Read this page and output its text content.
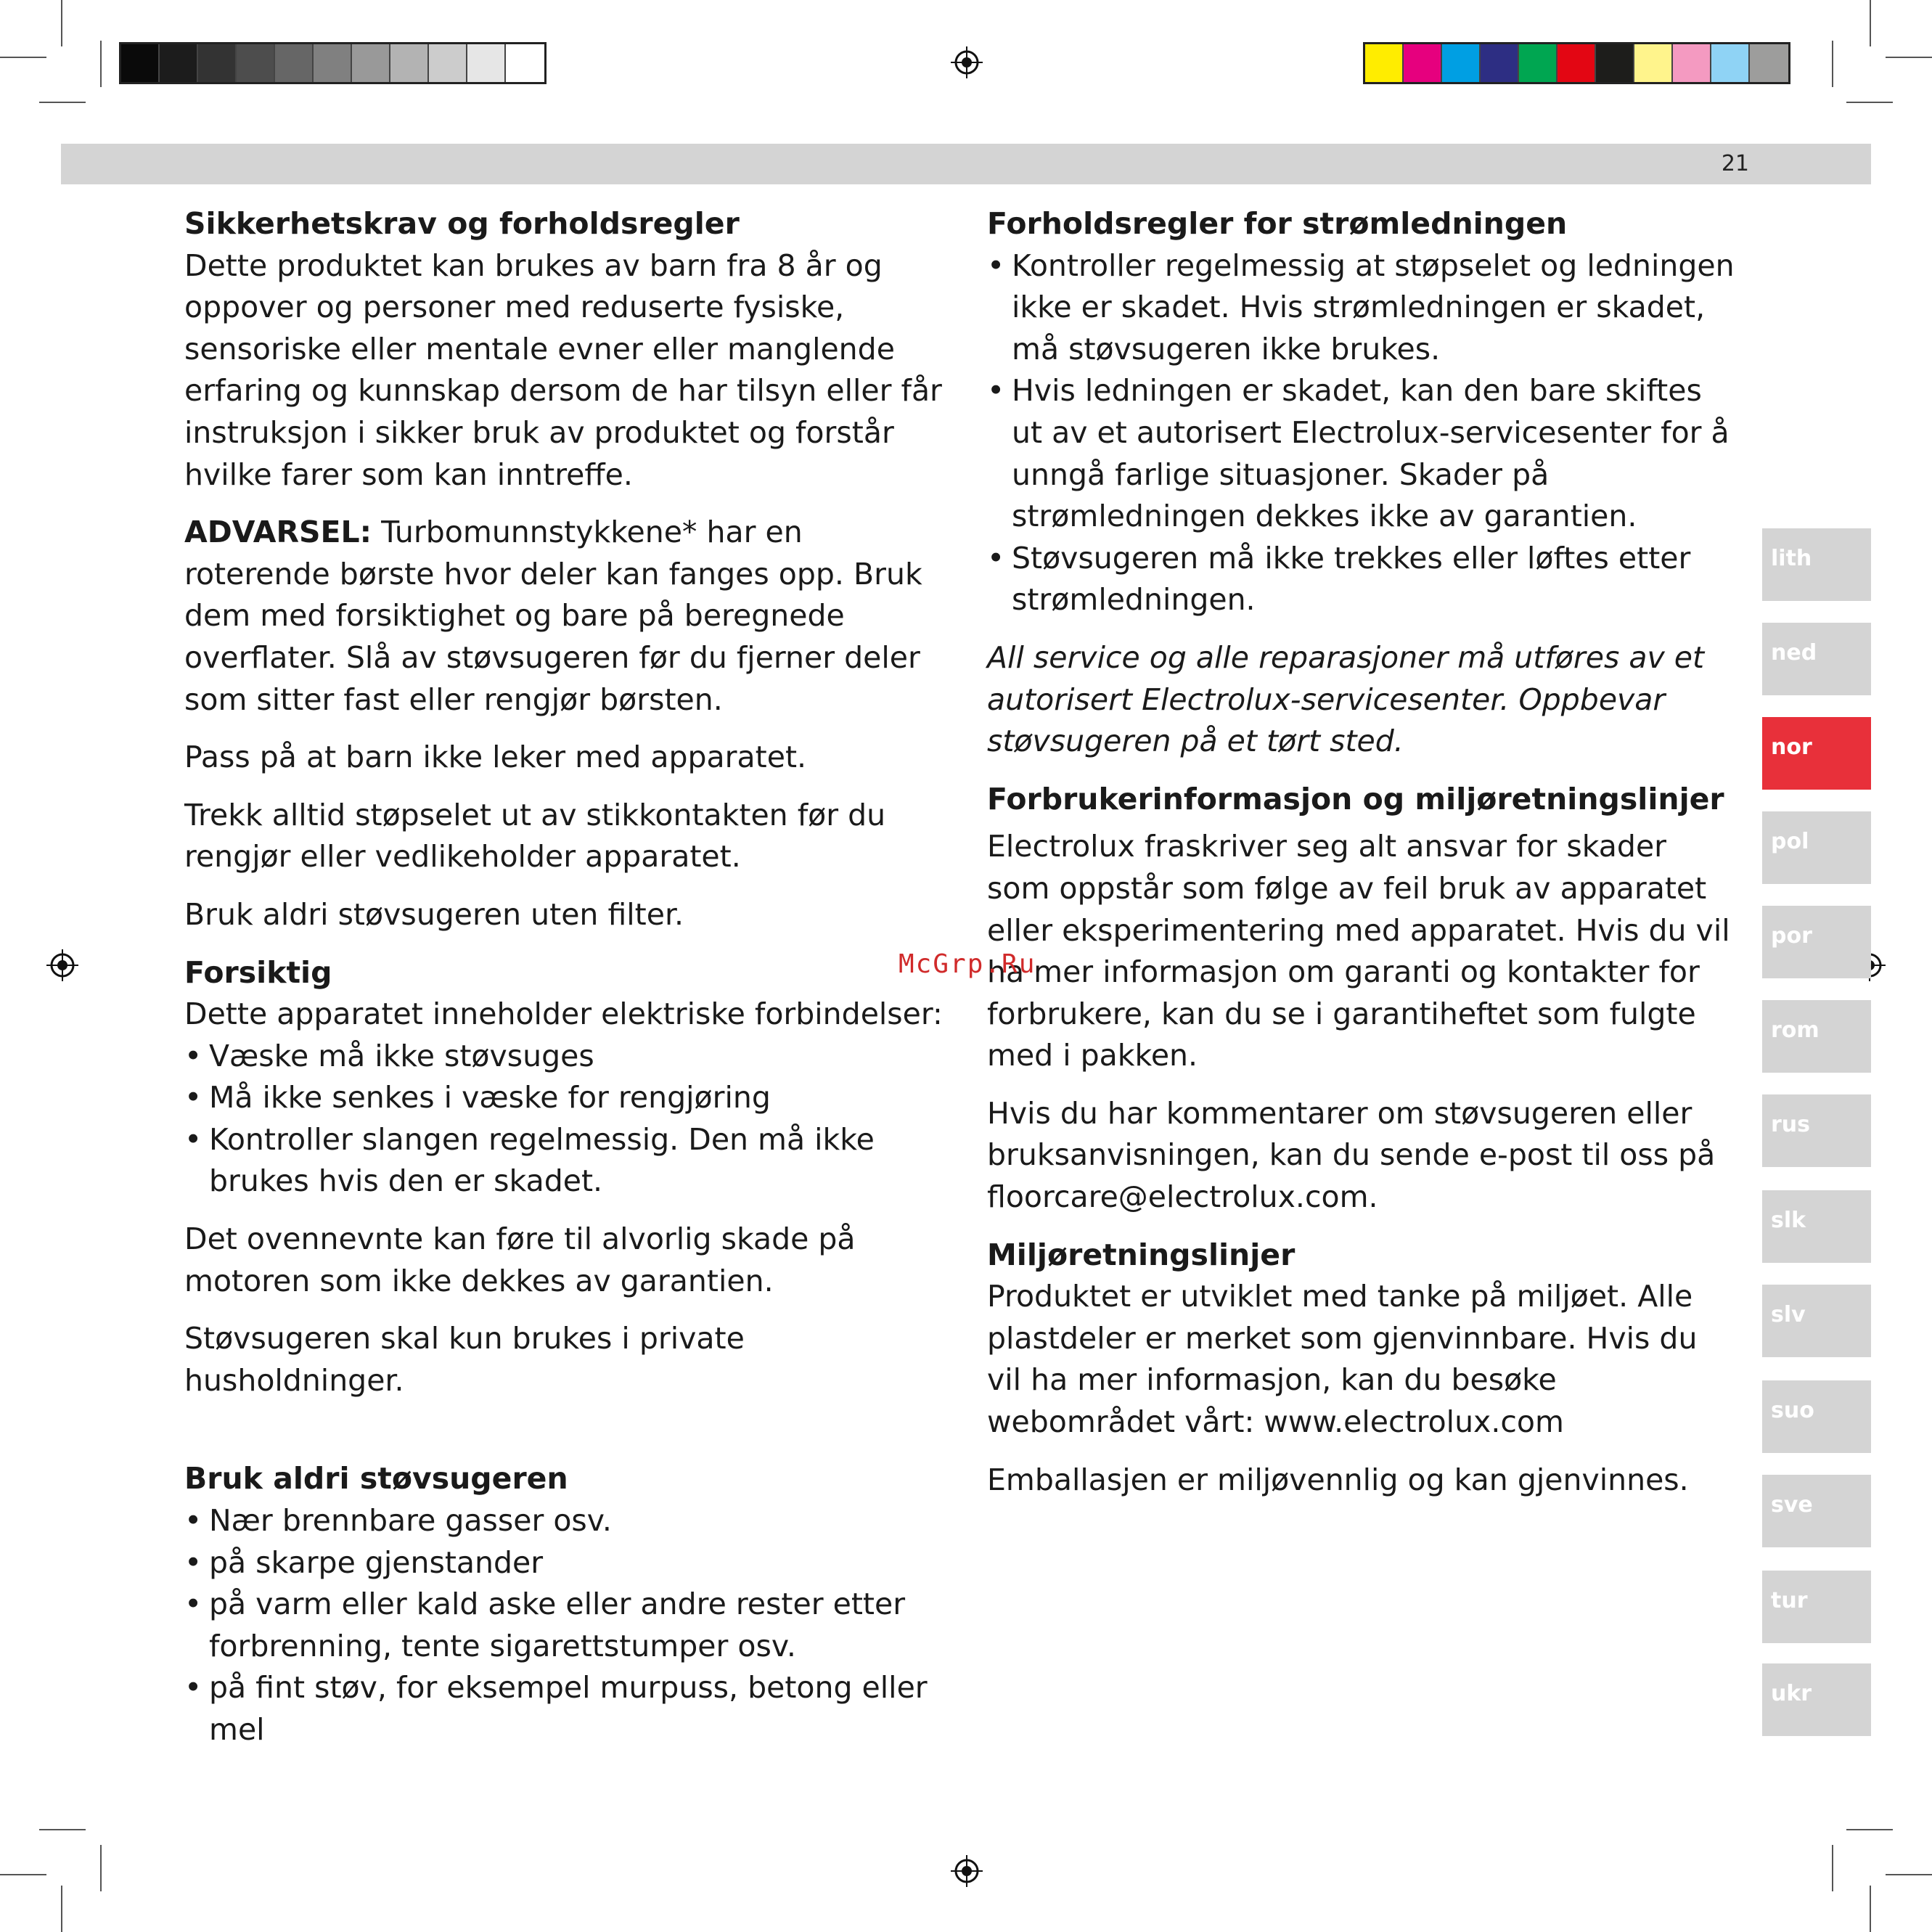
21
Sikkerhetskrav og forholdsregler

Dette produktet kan brukes av barn fra 8 år og oppover og personer med reduserte fysiske, sensoriske eller mentale evner eller manglende erfaring og kunnskap dersom de har tilsyn eller får instruksjon i sikker bruk av produktet og forstår hvilke farer som kan inntreffe.

ADVARSEL: Turbomunnstykkene* har en roterende børste hvor deler kan fanges opp. Bruk dem med forsiktighet og bare på beregnede overflater. Slå av støvsugeren før du fjerner deler som sitter fast eller rengjør børsten.

Pass på at barn ikke leker med apparatet.

Trekk alltid støpselet ut av stikkontakten før du rengjør eller vedlikeholder apparatet.

Bruk aldri støvsugeren uten filter.

Forsiktig

Dette apparatet inneholder elektriske forbindelser:

• Væske må ikke støvsuges
• Må ikke senkes i væske for rengjøring
• Kontroller slangen regelmessig. Den må ikke brukes hvis den er skadet.

Det ovennevnte kan føre til alvorlig skade på motoren som ikke dekkes av garantien.

Støvsugeren skal kun brukes i private husholdninger.

Bruk aldri støvsugeren
• Nær brennbare gasser osv.
• på skarpe gjenstander
• på varm eller kald aske eller andre rester etter forbrenning, tente sigarettstumper osv.
• på fint støv, for eksempel murpuss, betong eller mel
Forholdsregler for strømledningen
• Kontroller regelmessig at støpselet og ledningen ikke er skadet. Hvis strømledningen er skadet, må støvsugeren ikke brukes.
• Hvis ledningen er skadet, kan den bare skiftes ut av et autorisert Electrolux-servicesenter for å unngå farlige situasjoner. Skader på strømledningen dekkes ikke av garantien.
• Støvsugeren må ikke trekkes eller løftes etter strømledningen.

All service og alle reparasjoner må utføres av et autorisert Electrolux-servicesenter. Oppbevar støvsugeren på et tørt sted.

Forbrukerinformasjon og miljøretningslinjer

Electrolux fraskriver seg alt ansvar for skader som oppstår som følge av feil bruk av apparatet eller eksperimentering med apparatet. Hvis du vil ha mer informasjon om garanti og kontakter for forbrukere, kan du se i garantiheftet som fulgte med i pakken.

Hvis du har kommentarer om støvsugeren eller bruksanvisningen, kan du sende e-post til oss på floorcare@electrolux.com.

Miljøretningslinjer

Produktet er utviklet med tanke på miljøet. Alle plastdeler er merket som gjenvinnbare. Hvis du vil ha mer informasjon, kan du besøke webområdet vårt: www.electrolux.com

Emballasjen er miljøvennlig og kan gjenvinnes.

lith
ned
nor
pol
por
rom
rus
slk
slv
suo
sve
tur
ukr
McGrp.Ru
